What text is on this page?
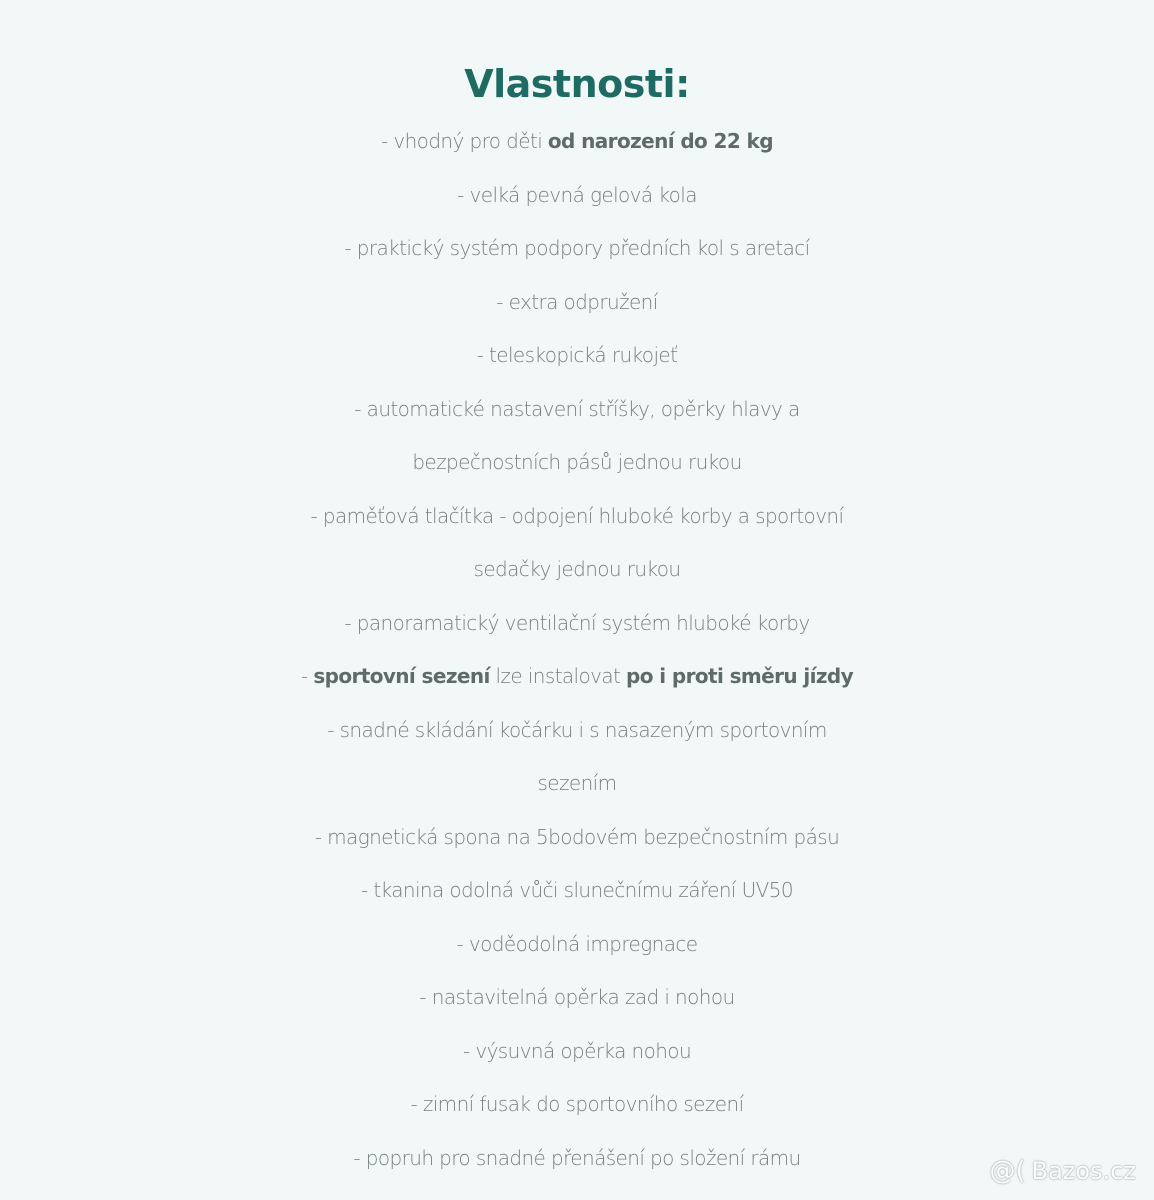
Vlastnosti:
- vhodný pro děti od narození do 22 kg
- velká pevná gelová kola
- praktický systém podpory předních kol s aretací
- extra odpružení
- teleskopická rukojeť
- automatické nastavení stříšky, opěrky hlavy a
bezpečnostních pásů jednou rukou
- paměťová tlačítka - odpojení hluboké korby a sportovní
sedačky jednou rukou
- panoramatický ventilační systém hluboké korby
- sportovní sezení lze instalovat po i proti směru jízdy
- snadné skládání kočárku i s nasazeným sportovním
sezením
- magnetická spona na 5bodovém bezpečnostním pásu
- tkanina odolná vůči slunečnímu záření UV50
- voděodolná impregnace
- nastavitelná opěrka zad i nohou
- výsuvná opěrka nohou
- zimní fusak do sportovního sezení
- popruh pro snadné přenášení po složení rámu	@( Bazos.cz
